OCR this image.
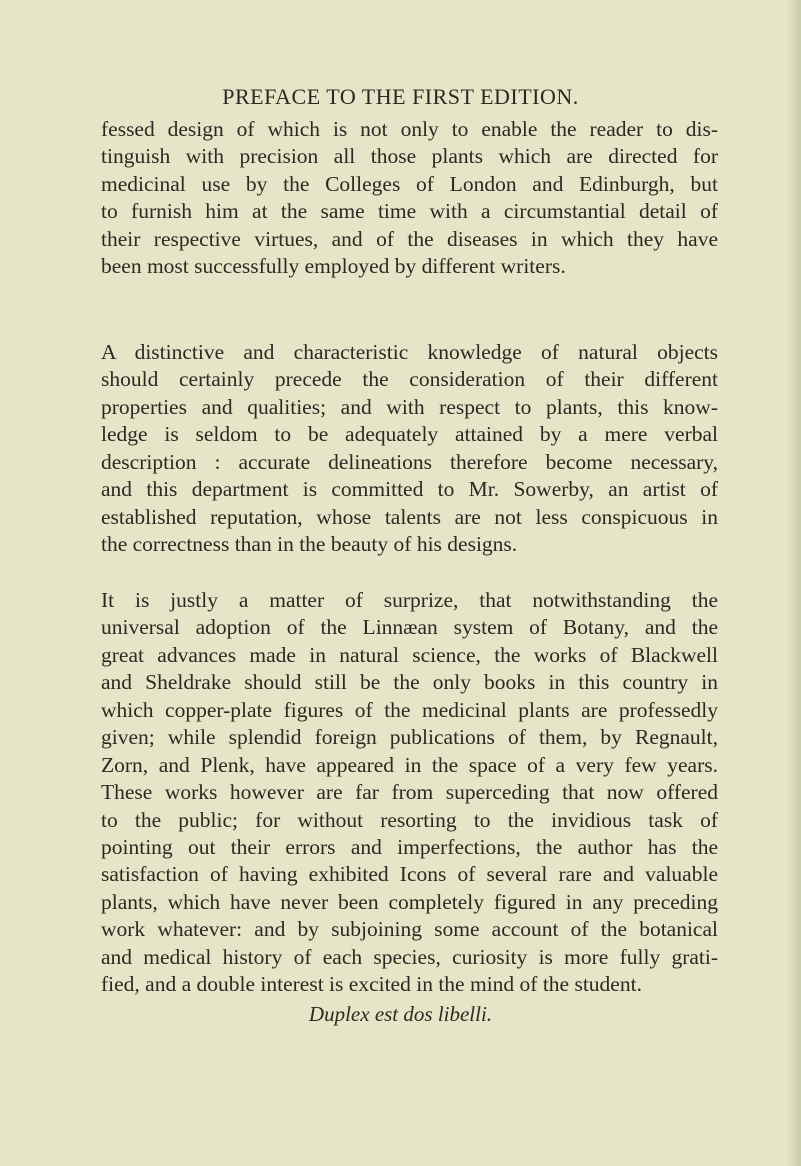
PREFACE TO THE FIRST EDITION.
fessed design of which is not only to enable the reader to dis-
tinguish with precision all those plants which are directed for
medicinal use by the Colleges of London and Edinburgh, but
to furnish him at the same time with a circumstantial detail of
their respective virtues, and of the diseases in which they have
been most successfully employed by different writers.
A distinctive and characteristic knowledge of natural objects
should certainly precede the consideration of their different
properties and qualities; and with respect to plants, this know-
ledge is seldom to be adequately attained by a mere verbal
description : accurate delineations therefore become necessary,
and this department is committed to Mr. Sowerby, an artist of
established reputation, whose talents are not less conspicuous in
the correctness than in the beauty of his designs.
It is justly a matter of surprize, that notwithstanding the
universal adoption of the Linnæan system of Botany, and the
great advances made in natural science, the works of Blackwell
and Sheldrake should still be the only books in this country in
which copper-plate figures of the medicinal plants are professedly
given; while splendid foreign publications of them, by Regnault,
Zorn, and Plenk, have appeared in the space of a very few years.
These works however are far from superceding that now offered
to the public; for without resorting to the invidious task of
pointing out their errors and imperfections, the author has the
satisfaction of having exhibited Icons of several rare and valuable
plants, which have never been completely figured in any preceding
work whatever: and by subjoining some account of the botanical
and medical history of each species, curiosity is more fully grati-
fied, and a double interest is excited in the mind of the student.
Duplex est dos libelli.
